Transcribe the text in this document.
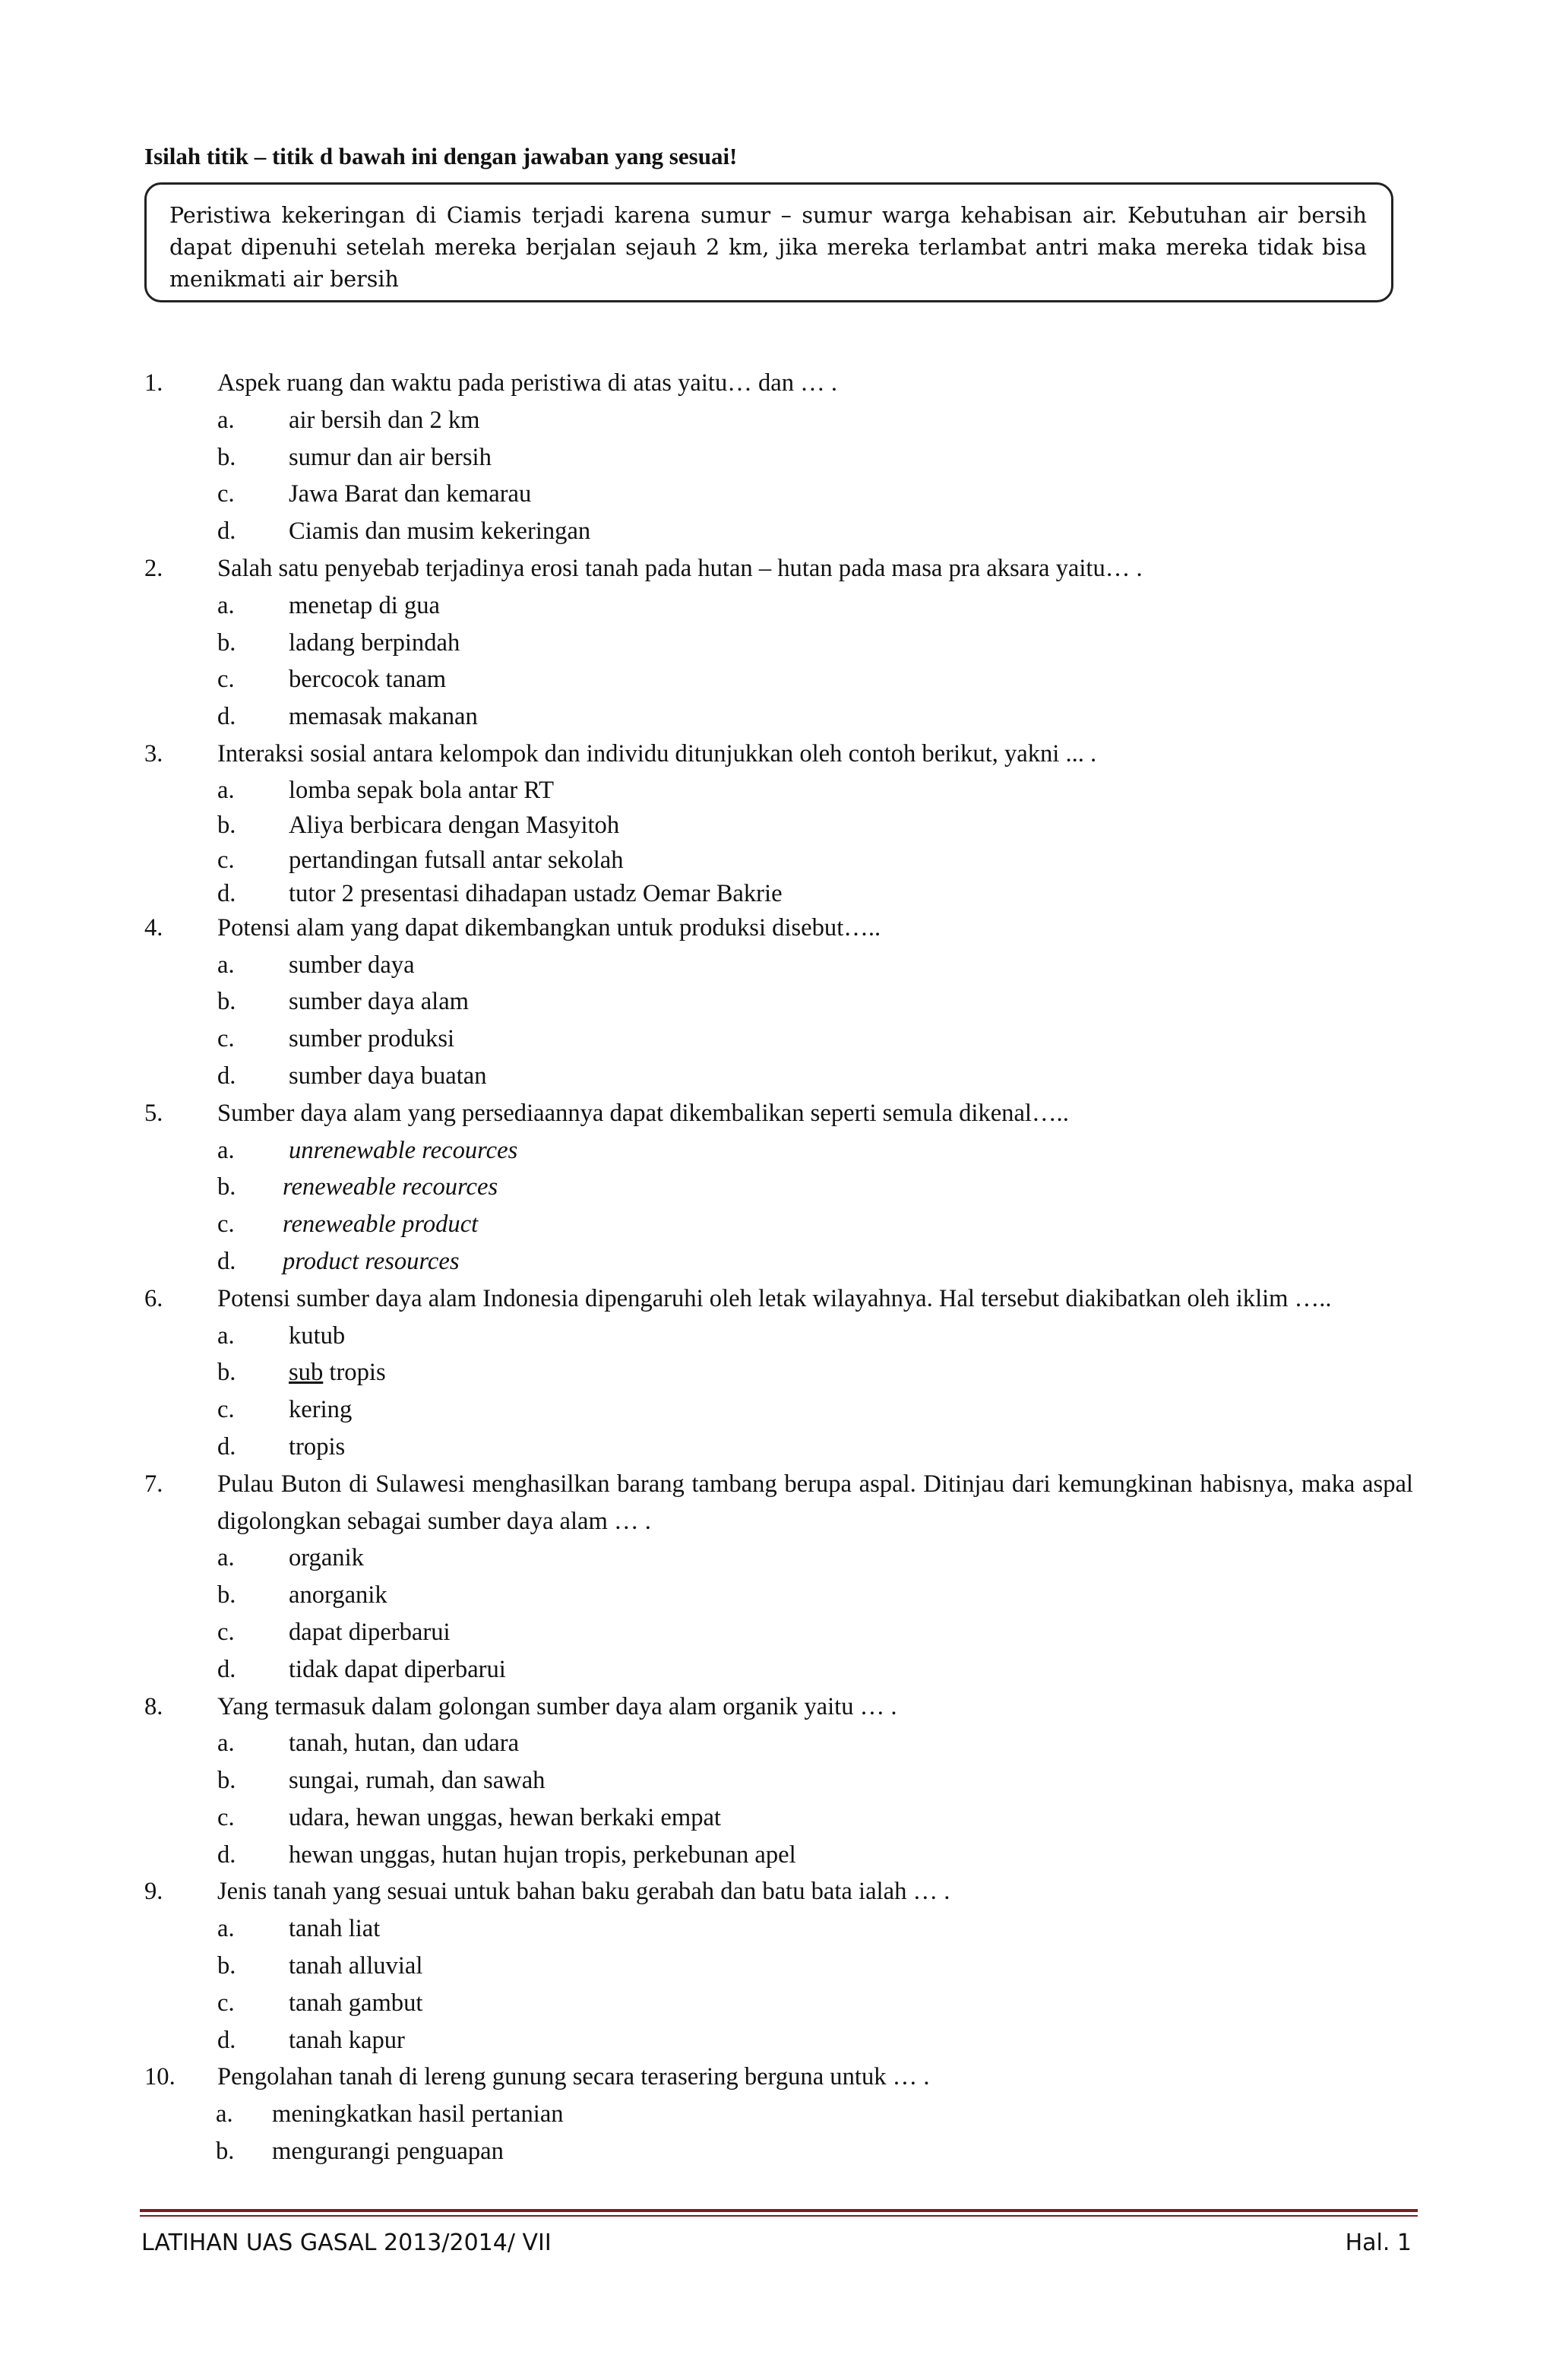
Isilah titik – titik d bawah ini dengan jawaban yang sesuai!
Peristiwa kekeringan di Ciamis terjadi karena sumur – sumur warga kehabisan air. Kebutuhan air bersih dapat dipenuhi setelah mereka berjalan sejauh 2 km, jika mereka terlambat antri maka mereka tidak bisa menikmati air bersih
1. Aspek ruang dan waktu pada peristiwa di atas yaitu… dan … .
a. air bersih dan 2 km
b. sumur dan air bersih
c. Jawa Barat dan kemarau
d. Ciamis dan musim kekeringan
2. Salah satu penyebab terjadinya erosi tanah pada hutan – hutan pada masa pra aksara yaitu… .
a. menetap di gua
b. ladang berpindah
c. bercocok tanam
d. memasak makanan
3. Interaksi sosial antara kelompok dan individu ditunjukkan oleh contoh berikut, yakni ... .
a. lomba sepak bola antar RT
b. Aliya berbicara dengan Masyitoh
c. pertandingan futsall antar sekolah
d. tutor 2 presentasi dihadapan ustadz Oemar Bakrie
4. Potensi alam yang dapat dikembangkan untuk produksi disebut…..
a. sumber daya
b. sumber daya alam
c. sumber produksi
d. sumber daya buatan
5. Sumber daya alam yang persediaannya dapat dikembalikan seperti semula dikenal…..
a. unrenewable recources
b. reneweable recources
c. reneweable product
d. product resources
6. Potensi sumber daya alam Indonesia dipengaruhi oleh letak wilayahnya. Hal tersebut diakibatkan oleh iklim …..
a. kutub
b. sub tropis
c. kering
d. tropis
7. Pulau Buton di Sulawesi menghasilkan barang tambang berupa aspal. Ditinjau dari kemungkinan habisnya, maka aspal digolongkan sebagai sumber daya alam … .
a. organik
b. anorganik
c. dapat diperbarui
d. tidak dapat diperbarui
8. Yang termasuk dalam golongan sumber daya alam organik yaitu … .
a. tanah, hutan, dan udara
b. sungai, rumah, dan sawah
c. udara, hewan unggas, hewan berkaki empat
d. hewan unggas, hutan hujan tropis, perkebunan apel
9. Jenis tanah yang sesuai untuk bahan baku gerabah dan batu bata ialah … .
a. tanah liat
b. tanah alluvial
c. tanah gambut
d. tanah kapur
10. Pengolahan tanah di lereng gunung secara terasering berguna untuk … .
a. meningkatkan hasil pertanian
b. mengurangi penguapan
LATIHAN UAS GASAL 2013/2014/ VII	Hal. 1
